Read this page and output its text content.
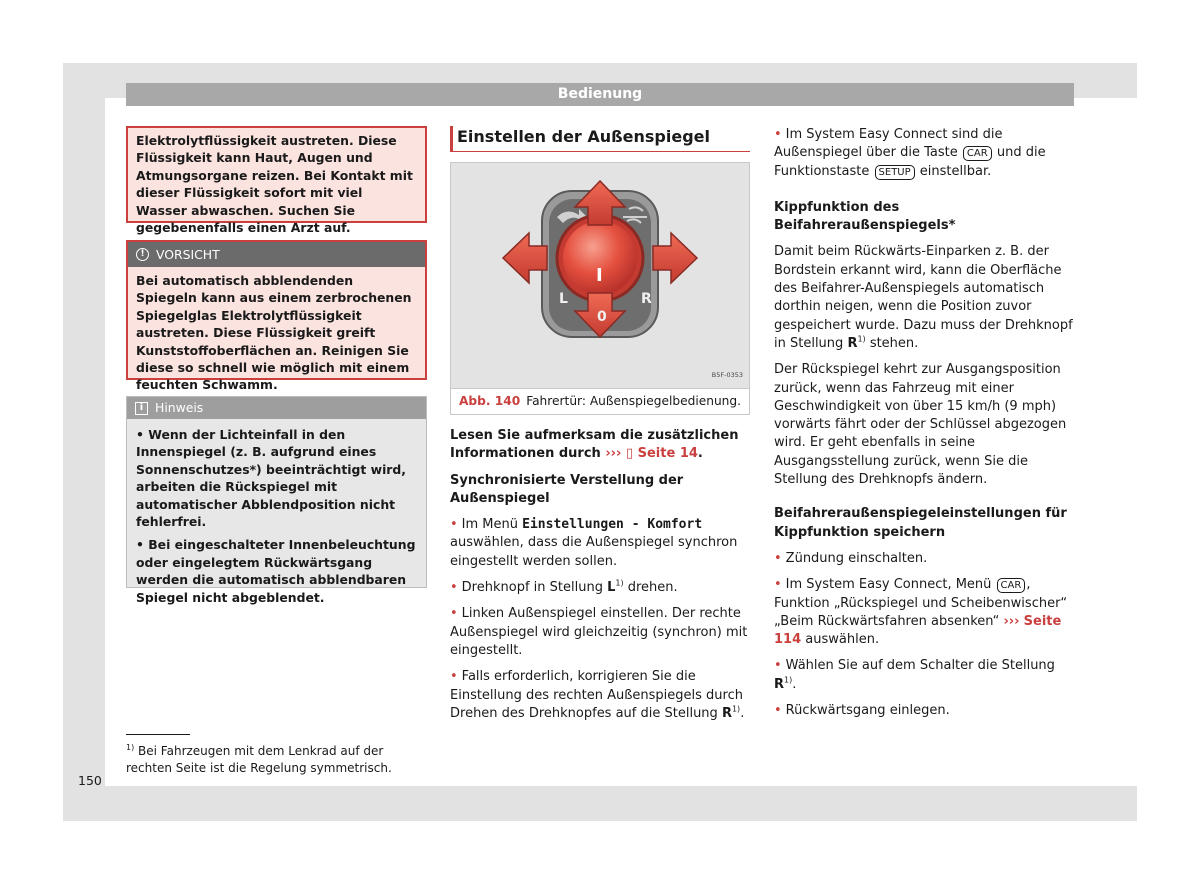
Bedienung
Elektrolytflüssigkeit austreten. Diese Flüssigkeit kann Haut, Augen und Atmungsorgane reizen. Bei Kontakt mit dieser Flüssigkeit sofort mit viel Wasser abwaschen. Suchen Sie gegebenenfalls einen Arzt auf.
! VORSICHT
Bei automatisch abblendenden Spiegeln kann aus einem zerbrochenen Spiegelglas Elektrolytflüssigkeit austreten. Diese Flüssigkeit greift Kunststoffoberflächen an. Reinigen Sie diese so schnell wie möglich mit einem feuchten Schwamm.
i Hinweis

• Wenn der Lichteinfall in den Innenspiegel (z. B. aufgrund eines Sonnenschutzes*) beeinträchtigt wird, arbeiten die Rückspiegel mit automatischer Abblendposition nicht fehlerfrei.

• Bei eingeschalteter Innenbeleuchtung oder eingelegtem Rückwärtsgang werden die automatisch abblendbaren Spiegel nicht abgeblendet.

$^{1)}$ Bei Fahrzeugen mit dem Lenkrad auf der rechten Seite ist die Regelung symmetrisch.
150
Einstellen der Außenspiegel
I
L
0
R
B5F-0353
Abb. 140 Fahrertür: Außenspiegelbedienung.

Lesen Sie aufmerksam die zusätzlichen Informationen durch ››› ▯ Seite 14.

Synchronisierte Verstellung der Außenspiegel

• Im Menü Einstellungen - Komfort auswählen, dass die Außenspiegel synchron eingestellt werden sollen.

• Drehknopf in Stellung $L^{1)}$ drehen.

• Linken Außenspiegel einstellen. Der rechte Außenspiegel wird gleichzeitig (synchron) mit eingestellt.

• Falls erforderlich, korrigieren Sie die Einstellung des rechten Außenspiegels durch Drehen des Drehknopfes auf die Stellung $R^{1)}$.

• Im System Easy Connect sind die Außenspiegel über die Taste CAR und die Funktionstaste SETUP einstellbar.

Kippfunktion des Beifahreraußenspiegels*

Damit beim Rückwärts-Einparken z. B. der Bordstein erkannt wird, kann die Oberfläche des Beifahrer-Außenspiegels automatisch dorthin neigen, wenn die Position zuvor gespeichert wurde. Dazu muss der Drehknopf in Stellung $R^{1)}$ stehen.

Der Rückspiegel kehrt zur Ausgangsposition zurück, wenn das Fahrzeug mit einer Geschwindigkeit von über 15 km/h (9 mph) vorwärts fährt oder der Schlüssel abgezogen wird. Er geht ebenfalls in seine Ausgangsstellung zurück, wenn Sie die Stellung des Drehknopfs ändern.

Beifahreraußenspiegeleinstellungen für Kippfunktion speichern

• Zündung einschalten.

• Im System Easy Connect, Menü CAR , Funktion „Rückspiegel und Scheibenwischer“ „Beim Rückwärtsfahren absenken“ ››› Seite 114 auswählen.

• Wählen Sie auf dem Schalter die Stellung $R^{1)}$.

• Rückwärtsgang einlegen.
